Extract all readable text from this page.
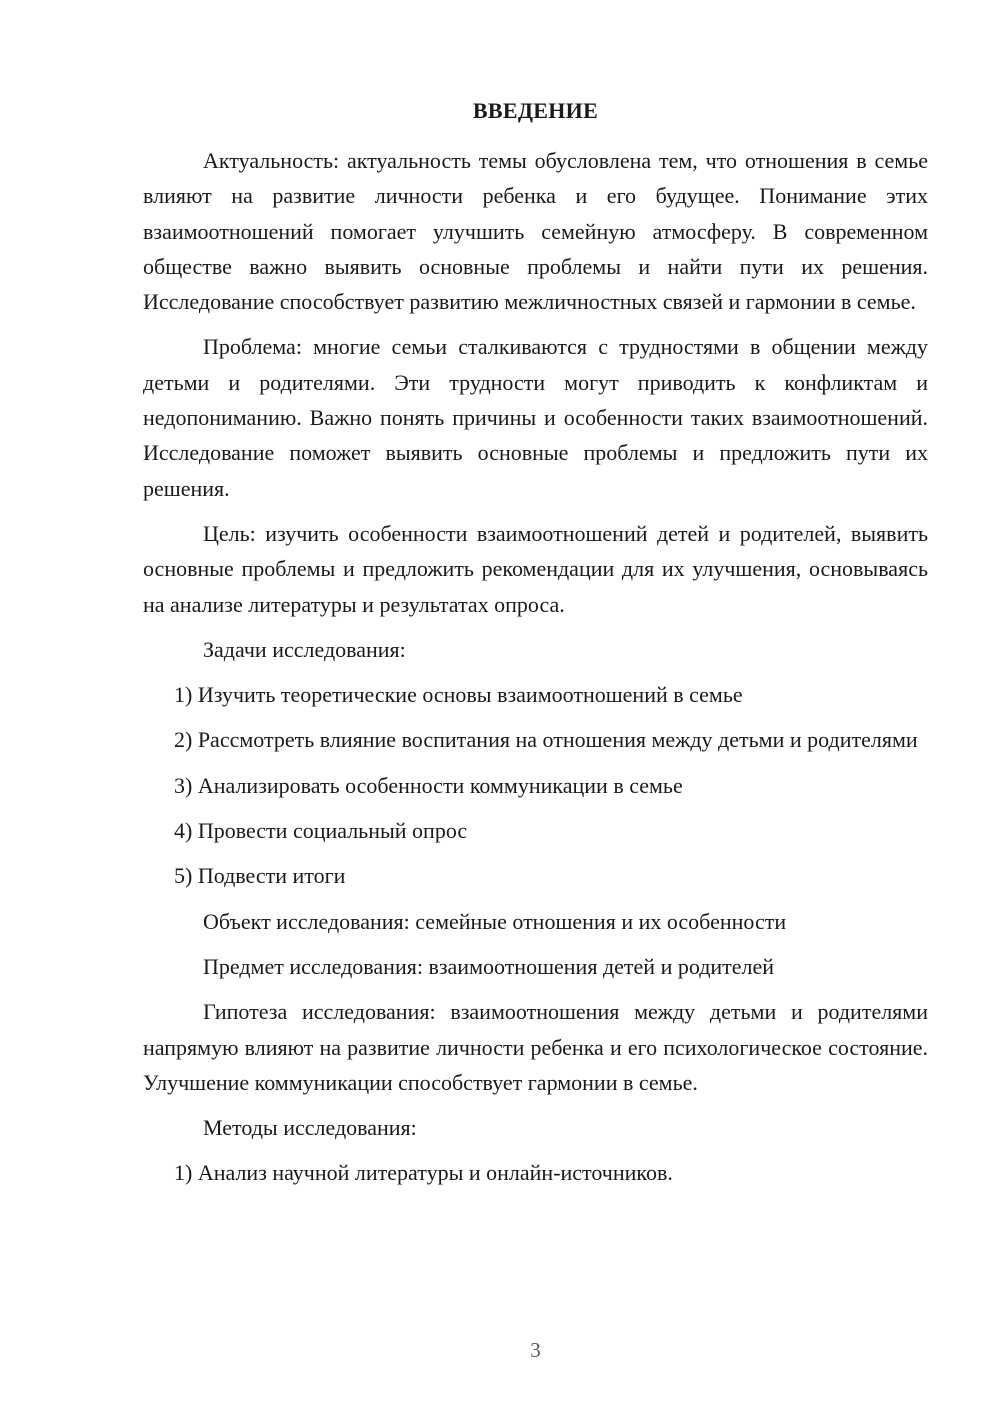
ВВЕДЕНИЕ

Актуальность: актуальность темы обусловлена тем, что отношения в семье влияют на развитие личности ребенка и его будущее. Понимание этих взаимоотношений помогает улучшить семейную атмосферу. В современном обществе важно выявить основные проблемы и найти пути их решения. Исследование способствует развитию межличностных связей и гармонии в семье.

Проблема: многие семьи сталкиваются с трудностями в общении между детьми и родителями. Эти трудности могут приводить к конфликтам и недопониманию. Важно понять причины и особенности таких взаимоотношений. Исследование поможет выявить основные проблемы и предложить пути их решения.

Цель: изучить особенности взаимоотношений детей и родителей, выявить основные проблемы и предложить рекомендации для их улучшения, основываясь на анализе литературы и результатах опроса.

Задачи исследования:

1) Изучить теоретические основы взаимоотношений в семье

2) Рассмотреть влияние воспитания на отношения между детьми и родителями

3) Анализировать особенности коммуникации в семье

4) Провести социальный опрос

5) Подвести итоги

Объект исследования: семейные отношения и их особенности

Предмет исследования: взаимоотношения детей и родителей

Гипотеза исследования: взаимоотношения между детьми и родителями напрямую влияют на развитие личности ребенка и его психологическое состояние. Улучшение коммуникации способствует гармонии в семье.

Методы исследования:

1) Анализ научной литературы и онлайн-источников.

3
